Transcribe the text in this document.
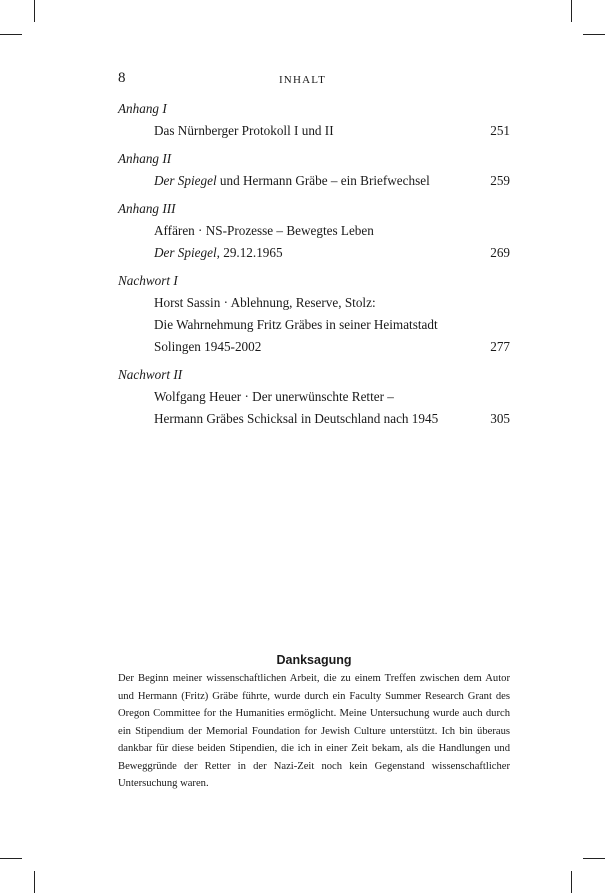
8	INHALT
Anhang I
Das Nürnberger Protokoll I und II	251
Anhang II
Der Spiegel und Hermann Gräbe – ein Briefwechsel	259
Anhang III
Affären · NS-Prozesse – Bewegtes Leben
Der Spiegel, 29.12.1965	269
Nachwort I
Horst Sassin · Ablehnung, Reserve, Stolz:
Die Wahrnehmung Fritz Gräbes in seiner Heimatstadt
Solingen 1945-2002	277
Nachwort II
Wolfgang Heuer · Der unerwünschte Retter –
Hermann Gräbes Schicksal in Deutschland nach 1945	305
Danksagung

Der Beginn meiner wissenschaftlichen Arbeit, die zu einem Treffen zwischen dem Autor und Hermann (Fritz) Gräbe führte, wurde durch ein Faculty Summer Research Grant des Oregon Committee for the Humanities ermöglicht. Meine Untersuchung wurde auch durch ein Stipendium der Memorial Foundation for Jewish Culture unterstützt. Ich bin überaus dankbar für diese beiden Stipendien, die ich in einer Zeit bekam, als die Handlungen und Beweggründe der Retter in der Nazi-Zeit noch kein Gegenstand wissenschaftlicher Untersuchung waren.
